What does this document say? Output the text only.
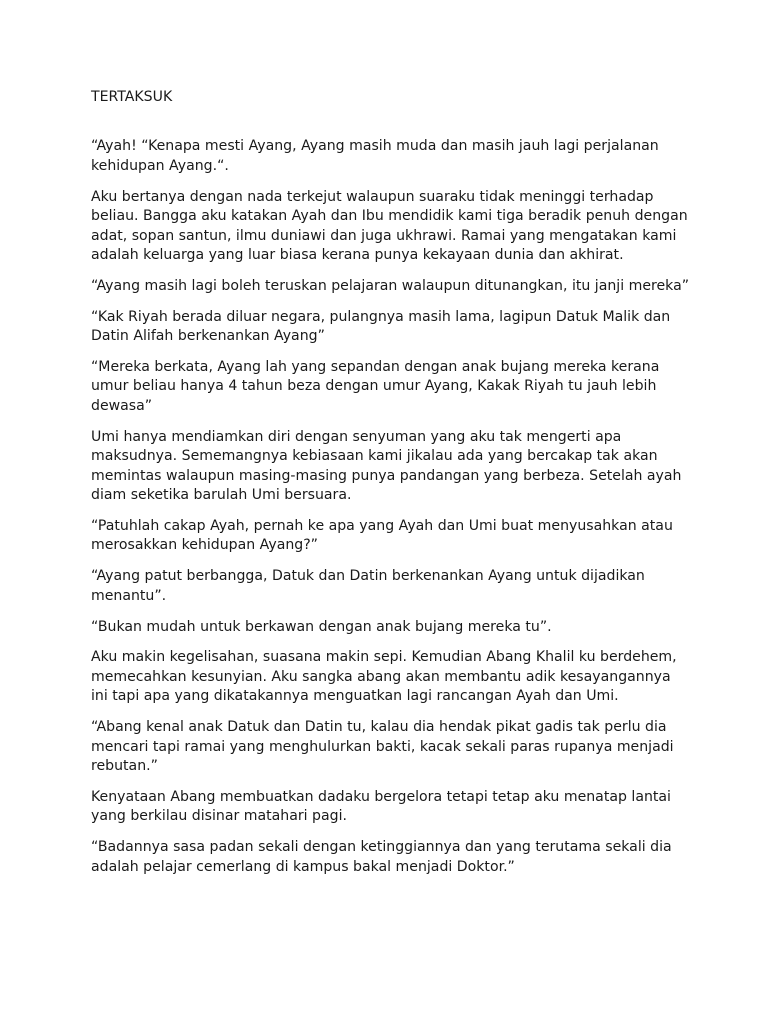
TERTAKSUK

“Ayah! “Kenapa mesti Ayang, Ayang masih muda dan masih jauh lagi perjalanan kehidupan Ayang.“.

Aku bertanya dengan nada terkejut walaupun suaraku tidak meninggi terhadap beliau. Bangga aku katakan Ayah dan Ibu mendidik kami tiga beradik penuh dengan adat, sopan santun, ilmu duniawi dan juga ukhrawi. Ramai yang mengatakan kami adalah keluarga yang luar biasa kerana punya kekayaan dunia dan akhirat.

“Ayang masih lagi boleh teruskan pelajaran walaupun ditunangkan, itu janji mereka”

“Kak Riyah berada diluar negara, pulangnya masih lama, lagipun Datuk Malik dan Datin Alifah berkenankan Ayang”

“Mereka berkata, Ayang lah yang sepandan dengan anak bujang mereka kerana umur beliau hanya 4 tahun beza dengan umur Ayang, Kakak Riyah tu jauh lebih dewasa”

Umi hanya mendiamkan diri dengan senyuman yang aku tak mengerti apa maksudnya. Sememangnya kebiasaan kami jikalau ada yang bercakap tak akan memintas walaupun masing-masing punya pandangan yang berbeza. Setelah ayah diam seketika barulah Umi bersuara.

“Patuhlah cakap Ayah, pernah ke apa yang Ayah dan Umi buat menyusahkan atau merosakkan kehidupan Ayang?”

“Ayang patut berbangga, Datuk dan Datin berkenankan Ayang untuk dijadikan menantu”.

“Bukan mudah untuk berkawan dengan anak bujang mereka tu”.

Aku makin kegelisahan, suasana makin sepi. Kemudian Abang Khalil ku berdehem, memecahkan kesunyian. Aku sangka abang akan membantu adik kesayangannya ini tapi apa yang dikatakannya menguatkan lagi rancangan Ayah dan Umi.

“Abang kenal anak Datuk dan Datin tu, kalau dia hendak pikat gadis tak perlu dia mencari tapi ramai yang menghulurkan bakti, kacak sekali paras rupanya menjadi rebutan.”

Kenyataan Abang membuatkan dadaku bergelora tetapi tetap aku menatap lantai yang berkilau disinar matahari pagi.

“Badannya sasa padan sekali dengan ketinggiannya dan yang terutama sekali dia adalah pelajar cemerlang di kampus bakal menjadi Doktor.”
